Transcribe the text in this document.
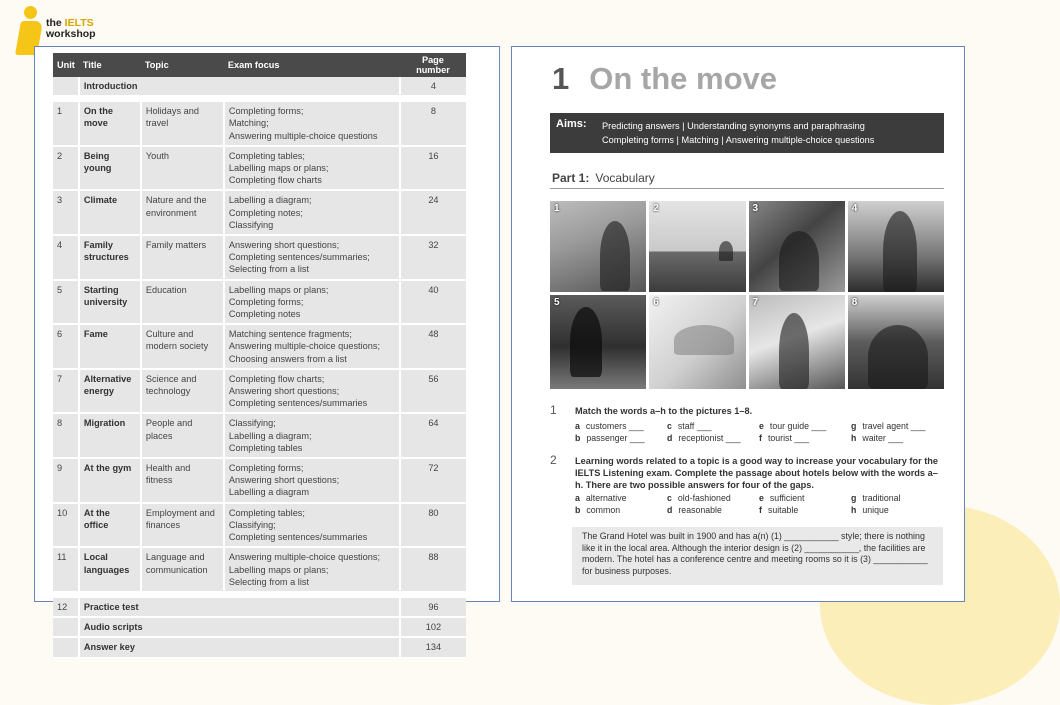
the IELTS
workshop
Unit	Title	Topic	Exam focus	Page number
	Introduction			4

1	On the move	Holidays and travel	Completing forms;
Matching;
Answering multiple-choice questions	8
2	Being young	Youth	Completing tables;
Labelling maps or plans;
Completing flow charts	16
3	Climate	Nature and the environment	Labelling a diagram;
Completing notes;
Classifying	24
4	Family structures	Family matters	Answering short questions;
Completing sentences/summaries;
Selecting from a list	32
5	Starting university	Education	Labelling maps or plans;
Completing forms;
Completing notes	40
6	Fame	Culture and modern society	Matching sentence fragments;
Answering multiple-choice questions;
Choosing answers from a list	48
7	Alternative energy	Science and technology	Completing flow charts;
Answering short questions;
Completing sentences/summaries	56
8	Migration	People and places	Classifying;
Labelling a diagram;
Completing tables	64
9	At the gym	Health and fitness	Completing forms;
Answering short questions;
Labelling a diagram	72
10	At the office	Employment and finances	Completing tables;
Classifying;
Completing sentences/summaries	80
11	Local languages	Language and communication	Answering multiple-choice questions;
Labelling maps or plans;
Selecting from a list	88

12	Practice test			96
	Audio scripts			102
	Answer key			134
1 On the move
Aims: Predicting answers | Understanding synonyms and paraphrasing
Completing forms | Matching | Answering multiple-choice questions
Part 1: Vocabulary
1	2	3	4
5	6	7	8
1 Match the words a–h to the pictures 1–8.
a customers ___	c staff ___	e tour guide ___	g travel agent ___
b passenger ___	d receptionist ___	f tourist ___	h waiter ___
2 Learning words related to a topic is a good way to increase your vocabulary for the IELTS Listening exam. Complete the passage about hotels below with the words a–h. There are two possible answers for four of the gaps.
a alternative	c old-fashioned	e sufficient	g traditional
b common	d reasonable	f suitable	h unique
The Grand Hotel was built in 1900 and has a(n) (1) ___________ style; there is nothing like it in the local area. Although the interior design is (2) ___________, the facilities are modern. The hotel has a conference centre and meeting rooms so it is (3) ___________ for business purposes.
